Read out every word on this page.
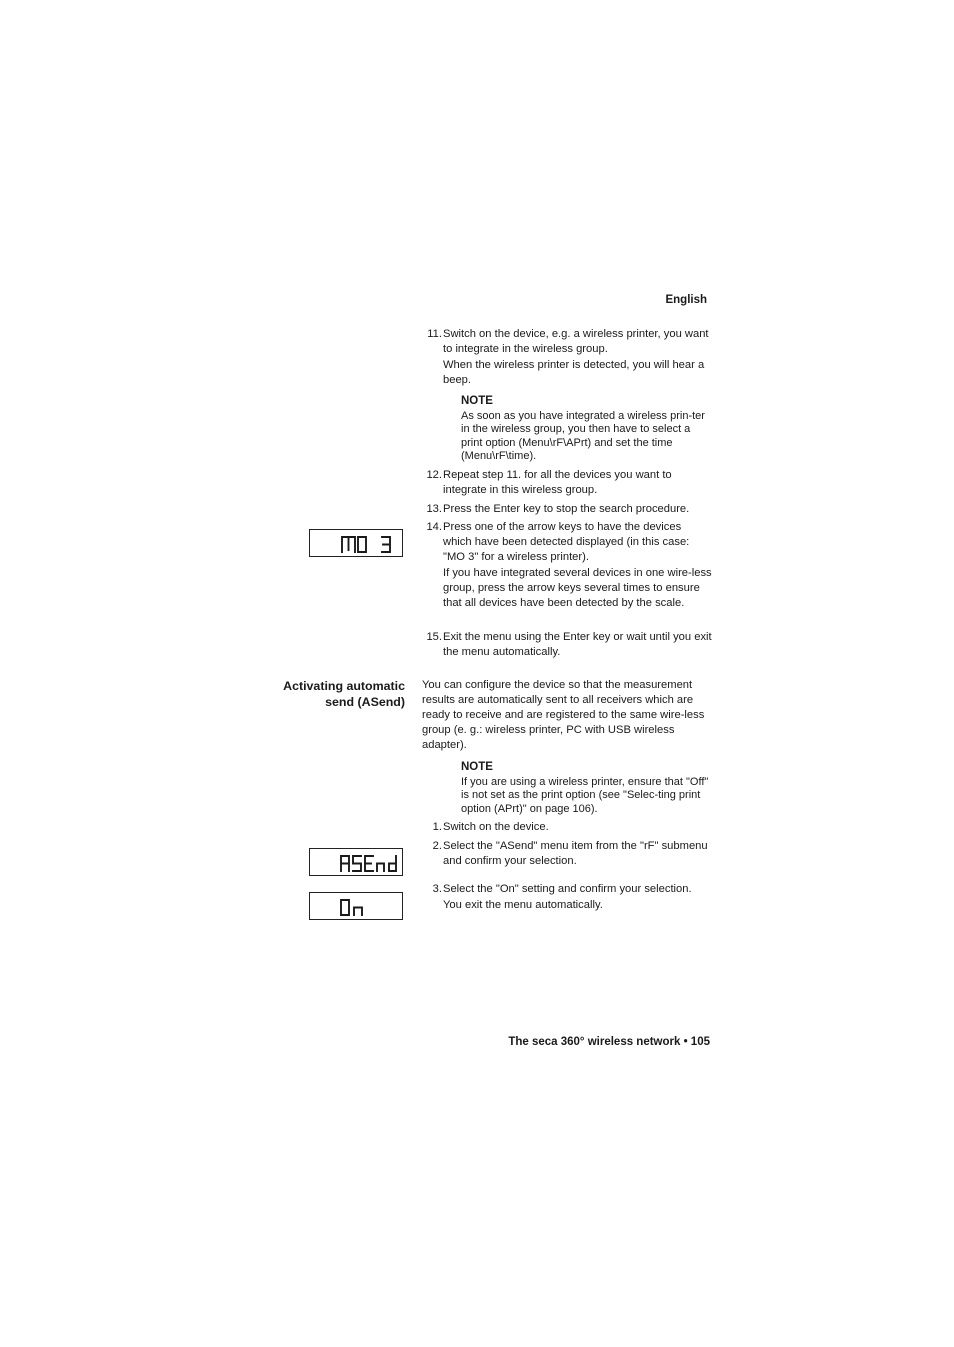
English
11. Switch on the device, e.g. a wireless printer, you want to integrate in the wireless group.
When the wireless printer is detected, you will hear a beep.
NOTE
As soon as you have integrated a wireless prin-ter in the wireless group, you then have to select a print option (Menu\rF\APrt) and set the time (Menu\rF\time).
12. Repeat step 11. for all the devices you want to integrate in this wireless group.
13. Press the Enter key to stop the search procedure.
14. Press one of the arrow keys to have the devices which have been detected displayed (in this case: "MO 3" for a wireless printer).
If you have integrated several devices in one wire-less group, press the arrow keys several times to ensure that all devices have been detected by the scale.
15. Exit the menu using the Enter key or wait until you exit the menu automatically.
Activating automatic
send (ASend)
You can configure the device so that the measurement results are automatically sent to all receivers which are ready to receive and are registered to the same wire-less group (e. g.: wireless printer, PC with USB wireless adapter).
NOTE
If you are using a wireless printer, ensure that "Off" is not set as the print option (see "Selec-ting print option (APrt)" on page 106).
1. Switch on the device.
2. Select the "ASend" menu item from the "rF" submenu and confirm your selection.
3. Select the "On" setting and confirm your selection.
You exit the menu automatically.
The seca 360° wireless network • 105
